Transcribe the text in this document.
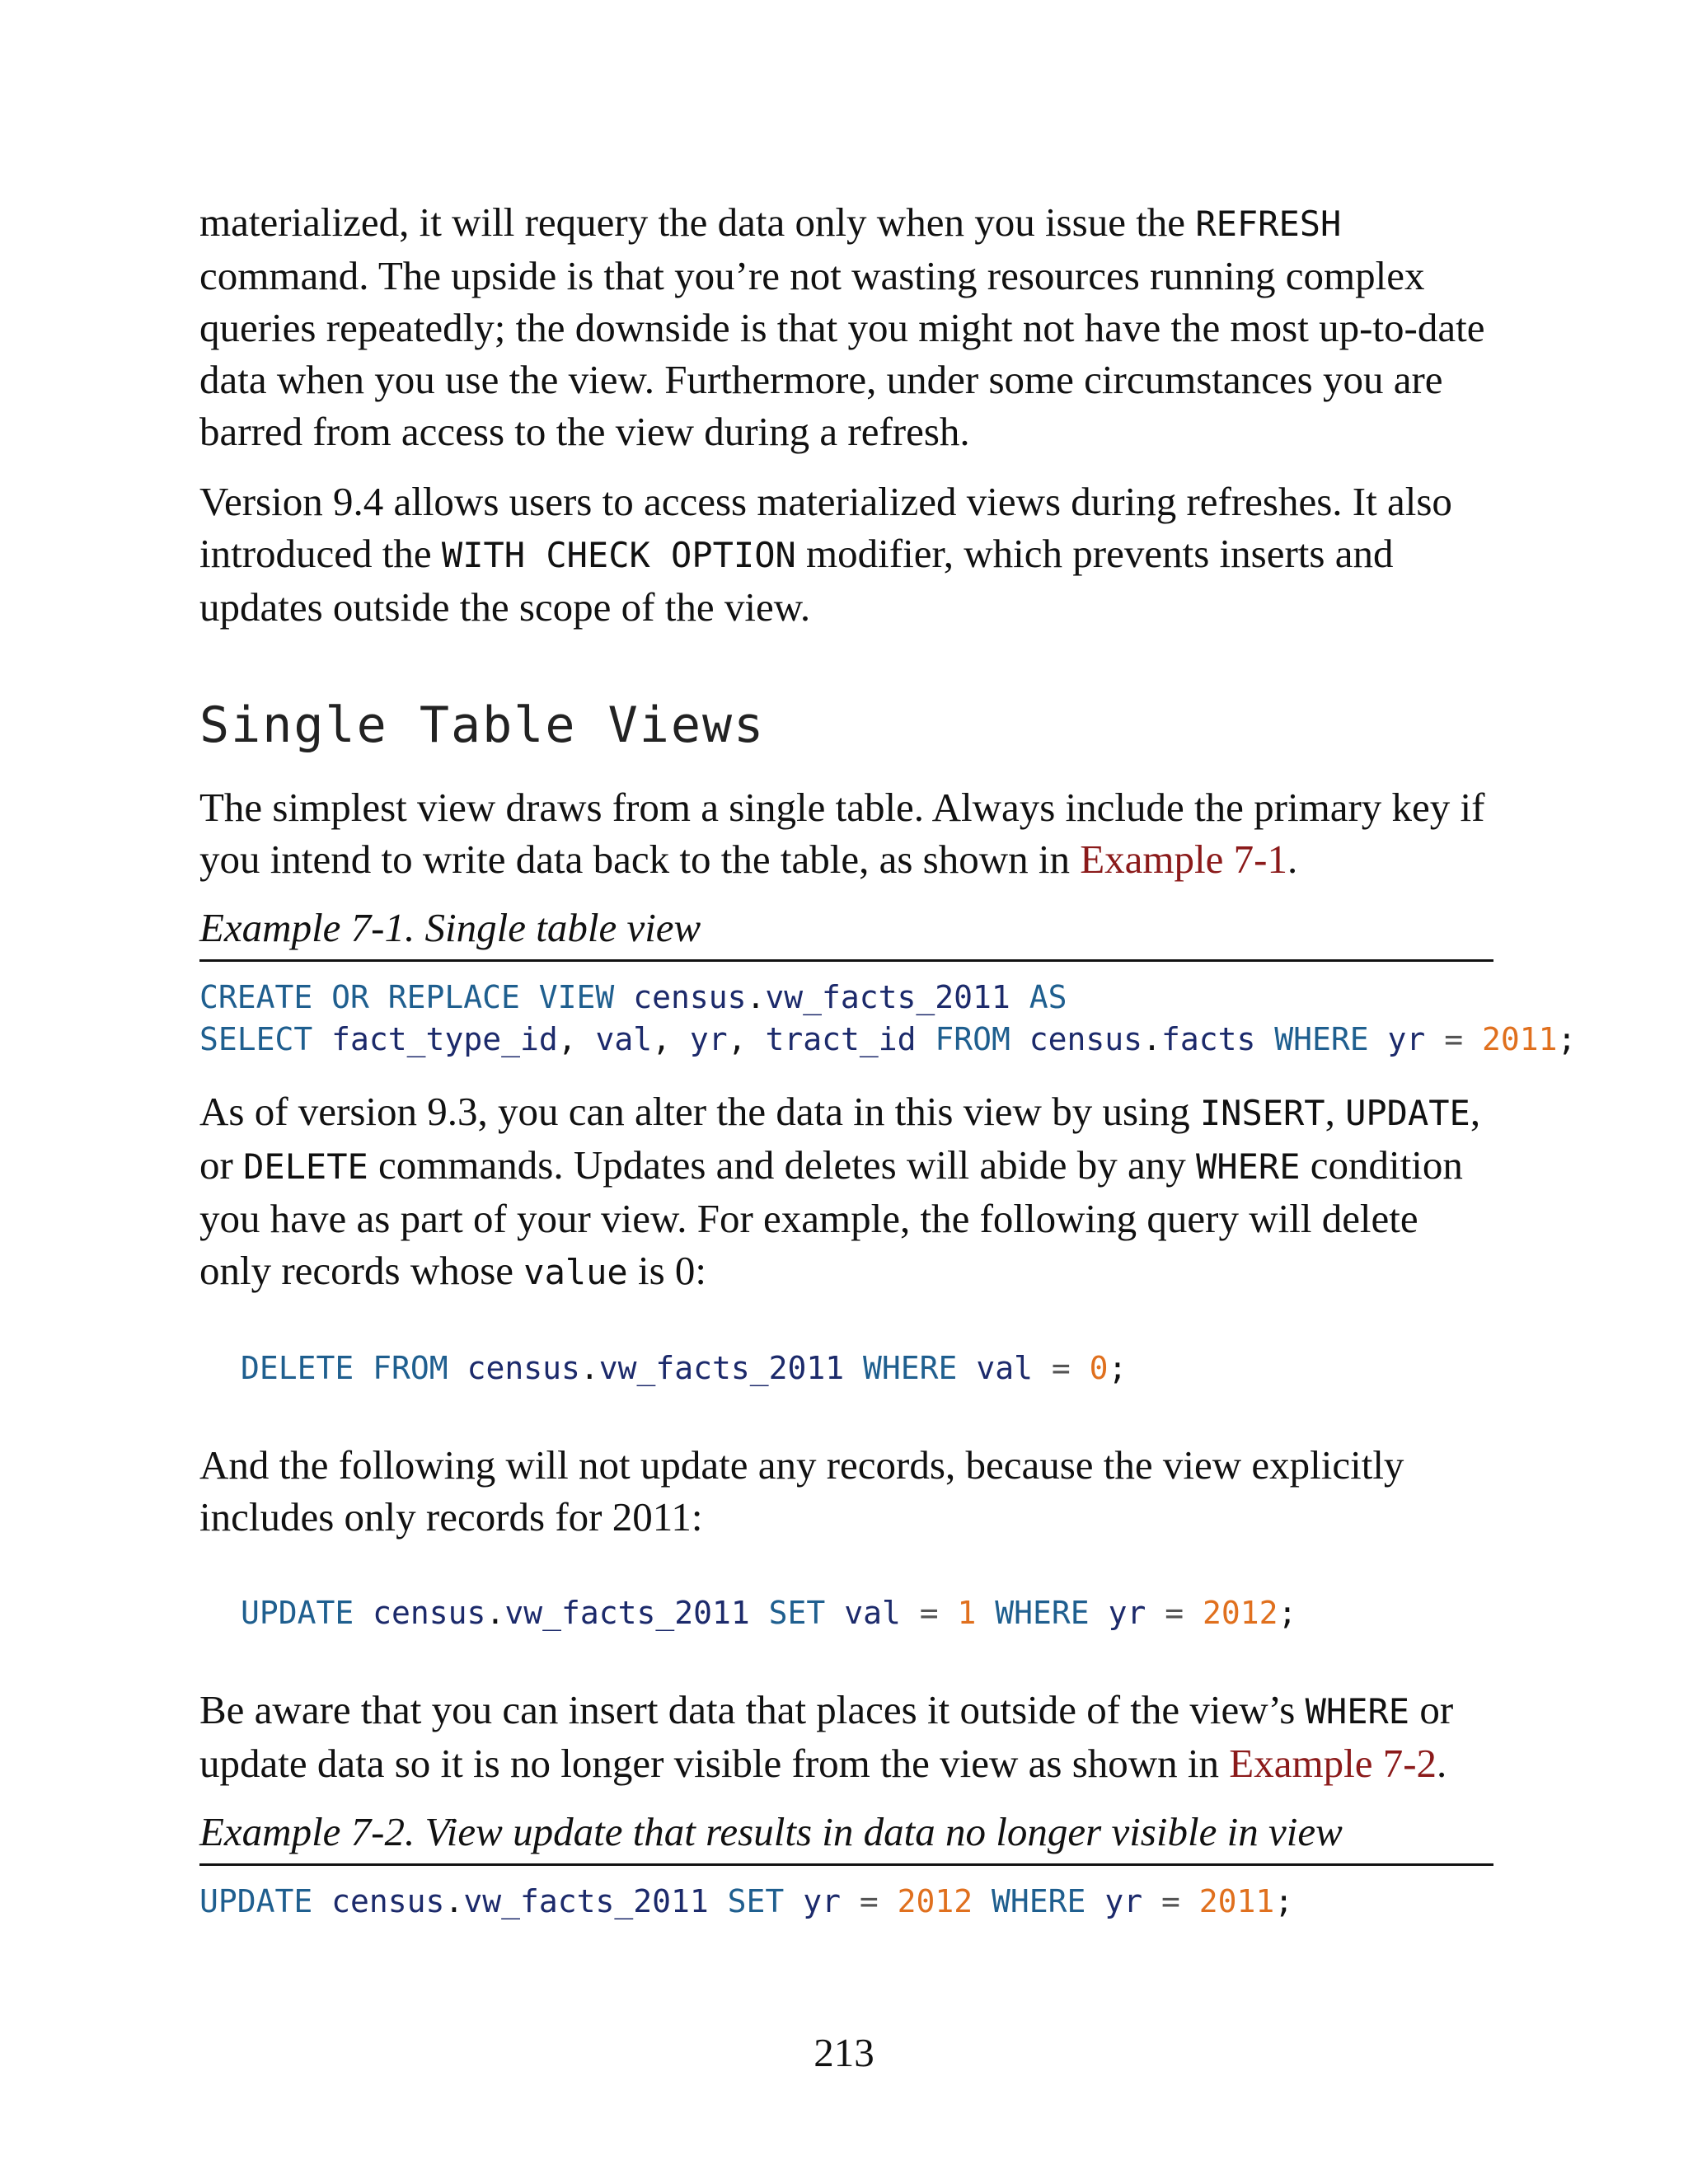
materialized, it will requery the data only when you issue the REFRESH command. The upside is that you’re not wasting resources running complex queries repeatedly; the downside is that you might not have the most up-to-date data when you use the view. Furthermore, under some circumstances you are barred from access to the view during a refresh.

Version 9.4 allows users to access materialized views during refreshes. It also introduced the WITH CHECK OPTION modifier, which prevents inserts and updates outside the scope of the view.

Single Table Views

The simplest view draws from a single table. Always include the primary key if you intend to write data back to the table, as shown in Example 7-1.

Example 7-1. Single table view
CREATE OR REPLACE VIEW census.vw_facts_2011 AS
SELECT fact_type_id, val, yr, tract_id FROM census.facts WHERE yr = 2011;

As of version 9.3, you can alter the data in this view by using INSERT, UPDATE, or DELETE commands. Updates and deletes will abide by any WHERE condition you have as part of your view. For example, the following query will delete only records whose value is 0:

DELETE FROM census.vw_facts_2011 WHERE val = 0;

And the following will not update any records, because the view explicitly includes only records for 2011:

UPDATE census.vw_facts_2011 SET val = 1 WHERE yr = 2012;

Be aware that you can insert data that places it outside of the view’s WHERE or update data so it is no longer visible from the view as shown in Example 7-2.

Example 7-2. View update that results in data no longer visible in view
UPDATE census.vw_facts_2011 SET yr = 2012 WHERE yr = 2011;
213
